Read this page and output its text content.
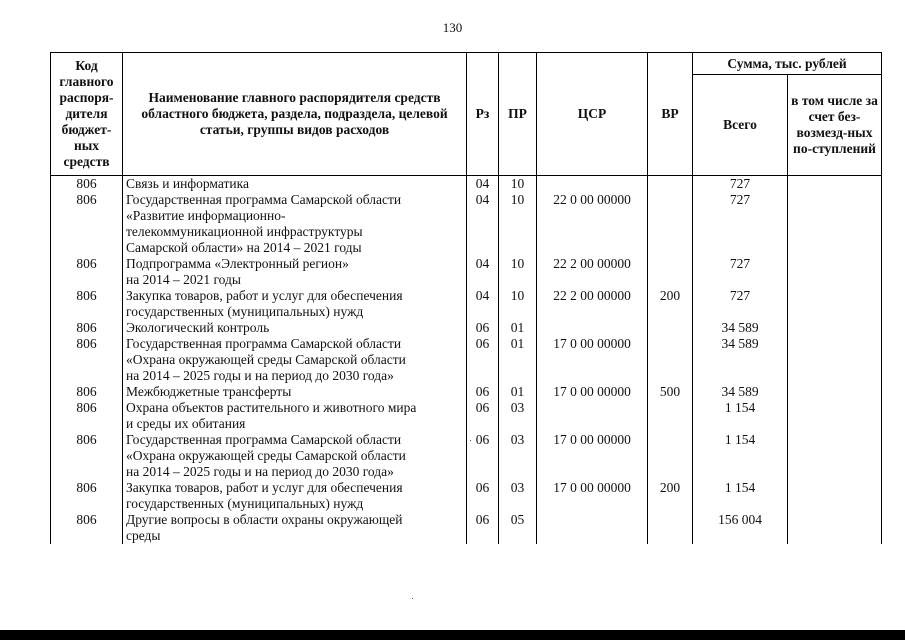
130
Код главного распоря-дителя бюджет-ных средств	Наименование главного распорядителя средств областного бюджета, раздела, подраздела, целевой статьи, группы видов расходов	Рз	ПР	ЦСР	ВР	Сумма, тыс. рублей	
						Всего	в том числе за счет без-возмезд-ных по-ступлений
806	Связь и информатика	04	10			727	
806	Государственная программа Самарской области
«Развитие информационно-
телекоммуникационной инфраструктуры
Самарской области» на 2014 – 2021 годы	04	10	22 0 00 00000		727	
806	Подпрограмма «Электронный регион»
на 2014 – 2021 годы	04	10	22 2 00 00000		727	
806	Закупка товаров, работ и услуг для обеспечения
государственных (муниципальных) нужд	04	10	22 2 00 00000	200	727	
806	Экологический контроль	06	01			34 589	
806	Государственная программа Самарской области
«Охрана окружающей среды Самарской области
на 2014 – 2025 годы и на период до 2030 года»	06	01	17 0 00 00000		34 589	
806	Межбюджетные трансферты	06	01	17 0 00 00000	500	34 589	
806	Охрана объектов растительного и животного мира
и среды их обитания	06	03			1 154	
806	Государственная программа Самарской области
«Охрана окружающей среды Самарской области
на 2014 – 2025 годы и на период до 2030 года»	06	03	17 0 00 00000		1 154	
806	Закупка товаров, работ и услуг для обеспечения
государственных (муниципальных) нужд	06	03	17 0 00 00000	200	1 154	
806	Другие вопросы в области охраны окружающей
среды	06	05			156 004	
